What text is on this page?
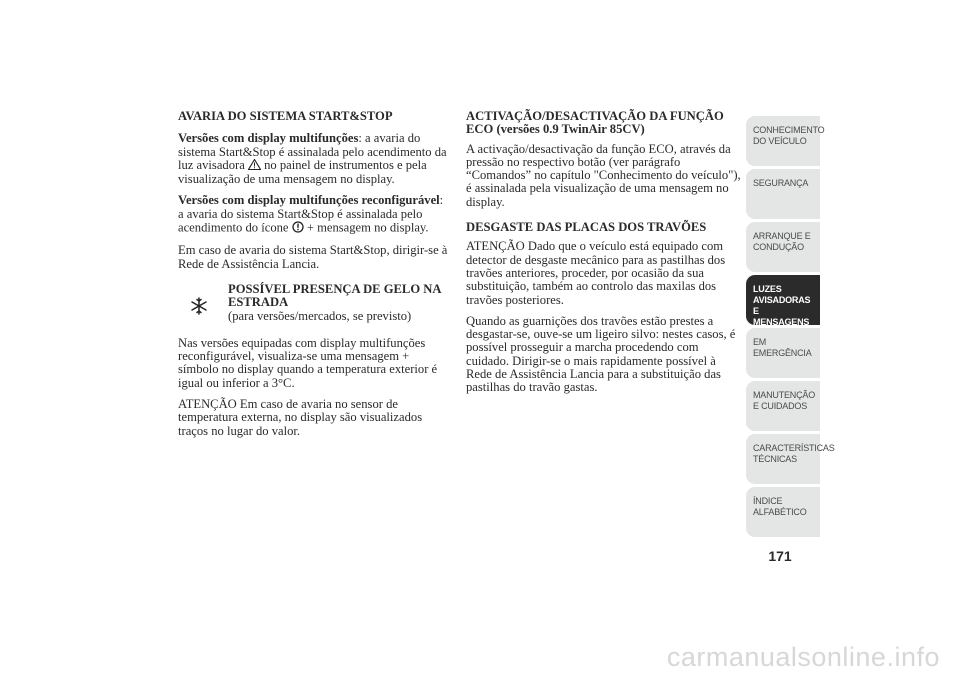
AVARIA DO SISTEMA START&STOP

Versões com display multifunções: a avaria do sistema Start&Stop é assinalada pelo acendimento da luz avisadora no painel de instrumentos e pela visualização de uma mensagem no display.

Versões com display multifunções reconfigurável: a avaria do sistema Start&Stop é assinalada pelo acendimento do ícone + mensagem no display.

Em caso de avaria do sistema Start&Stop, dirigir-se à Rede de Assistência Lancia.

POSSÍVEL PRESENÇA DE GELO NA ESTRADA
(para versões/mercados, se previsto)

Nas versões equipadas com display multifunções reconfigurável, visualiza-se uma mensagem + símbolo no display quando a temperatura exterior é igual ou inferior a 3°C.

ATENÇÃO Em caso de avaria no sensor de temperatura externa, no display são visualizados traços no lugar do valor.

ACTIVAÇÃO/DESACTIVAÇÃO DA FUNÇÃO ECO (versões 0.9 TwinAir 85CV)

A activação/desactivação da função ECO, através da pressão no respectivo botão (ver parágrafo “Comandos” no capítulo "Conhecimento do veículo"), é assinalada pela visualização de uma mensagem no display.

DESGASTE DAS PLACAS DOS TRAVÕES

ATENÇÃO Dado que o veículo está equipado com detector de desgaste mecânico para as pastilhas dos travões anteriores, proceder, por ocasião da sua substituição, também ao controlo das maxilas dos travões posteriores.

Quando as guarnições dos travões estão prestes a desgastar-se, ouve-se um ligeiro silvo: nestes casos, é possível prosseguir a marcha procedendo com cuidado. Dirigir-se o mais rapidamente possível à Rede de Assistência Lancia para a substituição das pastilhas do travão gastas.

CONHECIMENTO DO VEÍCULO
SEGURANÇA
ARRANQUE E CONDUÇÃO
LUZES AVISADORAS E MENSAGENS
EM EMERGÊNCIA
MANUTENÇÃO E CUIDADOS
CARACTERÍSTICAS TÉCNICAS
ÍNDICE ALFABÉTICO
171
carmanualsonline.info
